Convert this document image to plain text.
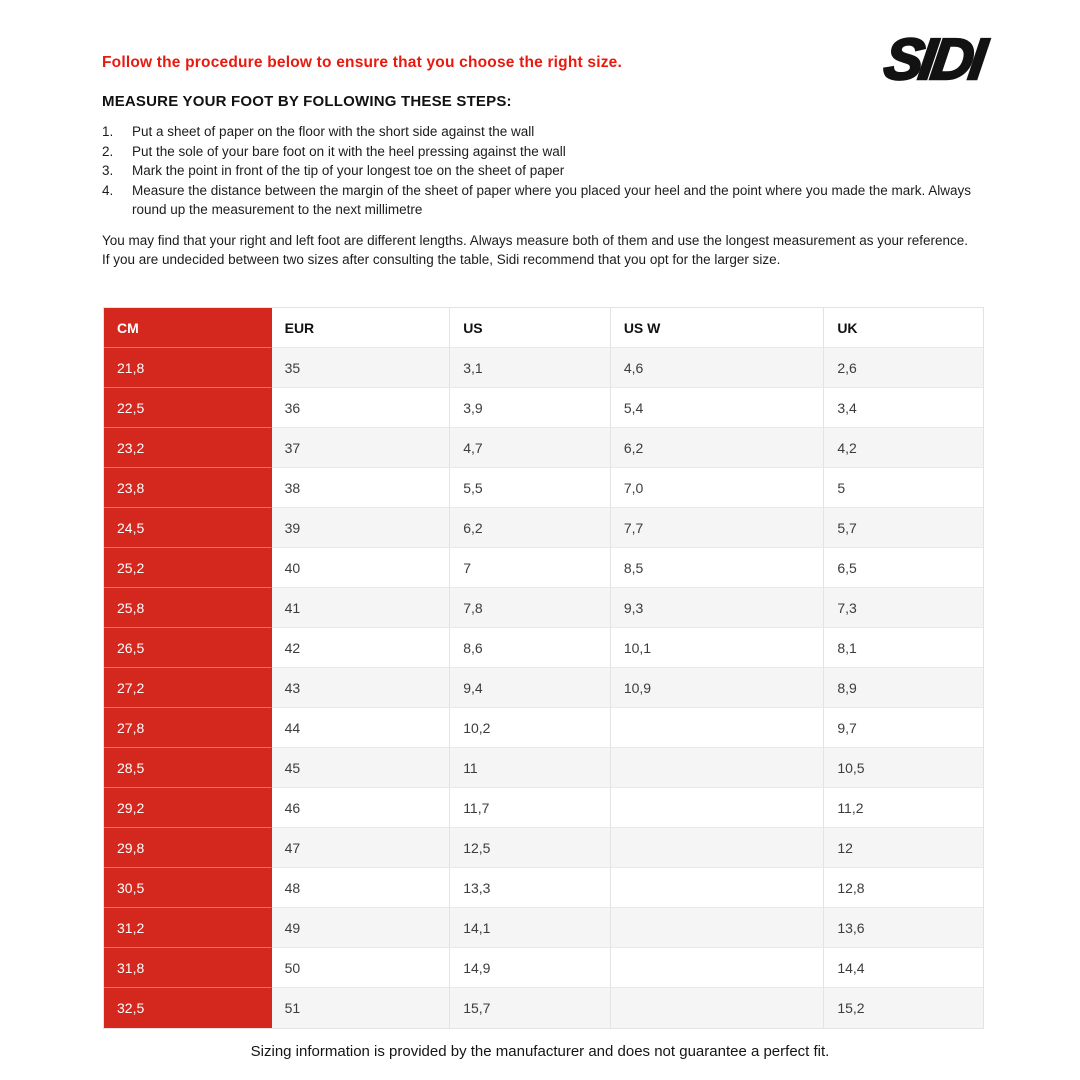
Follow the procedure below to ensure that you choose the right size.	SIDI
MEASURE YOUR FOOT BY FOLLOWING THESE STEPS:
1.	Put a sheet of paper on the floor with the short side against the wall
2.	Put the sole of your bare foot on it with the heel pressing against the wall
3.	Mark the point in front of the tip of your longest toe on the sheet of paper
4.	Measure the distance between the margin of the sheet of paper where you placed your heel and the point where you made the mark. Always round up the measurement to the next millimetre
You may find that your right and left foot are different lengths. Always measure both of them and use the longest measurement as your reference.
If you are undecided between two sizes after consulting the table, Sidi recommend that you opt for the larger size.
CM	EUR	US	US W	UK
21,8	35	3,1	4,6	2,6
22,5	36	3,9	5,4	3,4
23,2	37	4,7	6,2	4,2
23,8	38	5,5	7,0	5
24,5	39	6,2	7,7	5,7
25,2	40	7	8,5	6,5
25,8	41	7,8	9,3	7,3
26,5	42	8,6	10,1	8,1
27,2	43	9,4	10,9	8,9
27,8	44	10,2		9,7
28,5	45	11		10,5
29,2	46	11,7		11,2
29,8	47	12,5		12
30,5	48	13,3		12,8
31,2	49	14,1		13,6
31,8	50	14,9		14,4
32,5	51	15,7		15,2
Sizing information is provided by the manufacturer and does not guarantee a perfect fit.
